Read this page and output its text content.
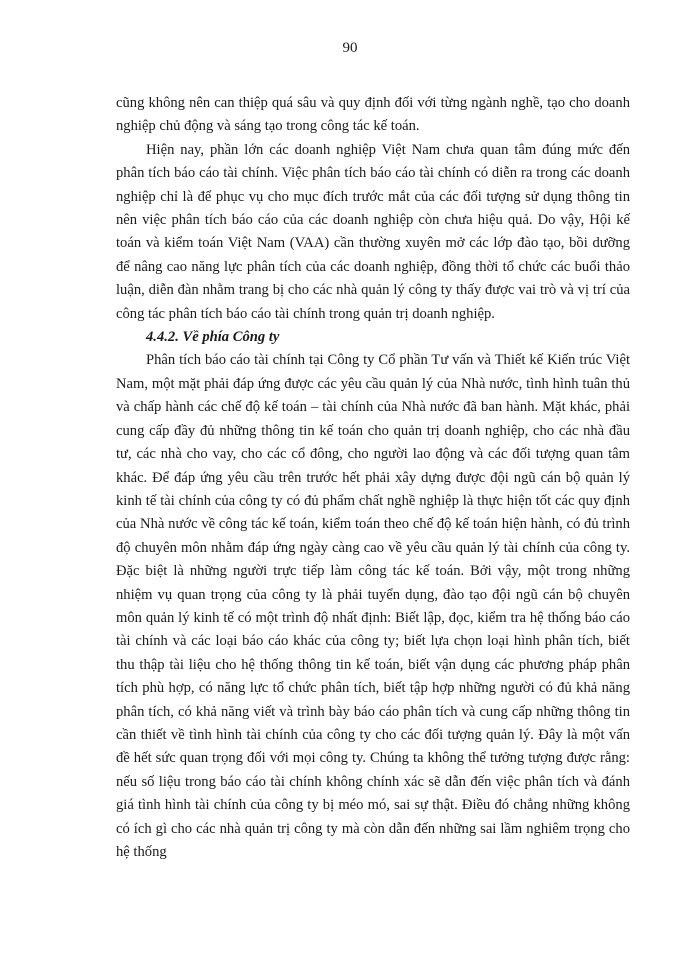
90

cũng không nên can thiệp quá sâu và quy định đối với từng ngành nghề, tạo cho doanh nghiệp chủ động và sáng tạo trong công tác kế toán.

Hiện nay, phần lớn các doanh nghiệp Việt Nam chưa quan tâm đúng mức đến phân tích báo cáo tài chính. Việc phân tích báo cáo tài chính có diễn ra trong các doanh nghiệp chỉ là để phục vụ cho mục đích trước mắt của các đối tượng sử dụng thông tin nên việc phân tích báo cáo của các doanh nghiệp còn chưa hiệu quả. Do vậy, Hội kế toán và kiểm toán Việt Nam (VAA) cần thường xuyên mở các lớp đào tạo, bồi dưỡng để nâng cao năng lực phân tích của các doanh nghiệp, đồng thời tổ chức các buổi thảo luận, diễn đàn nhằm trang bị cho các nhà quản lý công ty thấy được vai trò và vị trí của công tác phân tích báo cáo tài chính trong quản trị doanh nghiệp.

4.4.2. Về phía Công ty

Phân tích báo cáo tài chính tại Công ty Cổ phần Tư vấn và Thiết kế Kiến trúc Việt Nam, một mặt phải đáp ứng được các yêu cầu quản lý của Nhà nước, tình hình tuân thủ và chấp hành các chế độ kế toán – tài chính của Nhà nước đã ban hành. Mặt khác, phải cung cấp đầy đủ những thông tin kế toán cho quản trị doanh nghiệp, cho các nhà đầu tư, các nhà cho vay, cho các cổ đông, cho người lao động và các đối tượng quan tâm khác. Để đáp ứng yêu cầu trên trước hết phải xây dựng được đội ngũ cán bộ quản lý kinh tế tài chính của công ty có đủ phẩm chất nghề nghiệp là thực hiện tốt các quy định của Nhà nước về công tác kế toán, kiểm toán theo chế độ kế toán hiện hành, có đủ trình độ chuyên môn nhằm đáp ứng ngày càng cao về yêu cầu quản lý tài chính của công ty. Đặc biệt là những người trực tiếp làm công tác kế toán. Bởi vậy, một trong những nhiệm vụ quan trọng của công ty là phải tuyển dụng, đào tạo đội ngũ cán bộ chuyên môn quản lý kinh tế có một trình độ nhất định: Biết lập, đọc, kiểm tra hệ thống báo cáo tài chính và các loại báo cáo khác của công ty; biết lựa chọn loại hình phân tích, biết thu thập tài liệu cho hệ thống thông tin kế toán, biết vận dụng các phương pháp phân tích phù hợp, có năng lực tổ chức phân tích, biết tập hợp những người có đủ khả năng phân tích, có khả năng viết và trình bày báo cáo phân tích và cung cấp những thông tin cần thiết về tình hình tài chính của công ty cho các đối tượng quản lý. Đây là một vấn đề hết sức quan trọng đối với mọi công ty. Chúng ta không thể tưởng tượng được rằng: nếu số liệu trong báo cáo tài chính không chính xác sẽ dẫn đến việc phân tích và đánh giá tình hình tài chính của công ty bị méo mó, sai sự thật. Điều đó chẳng những không có ích gì cho các nhà quản trị công ty mà còn dẫn đến những sai lầm nghiêm trọng cho hệ thống
